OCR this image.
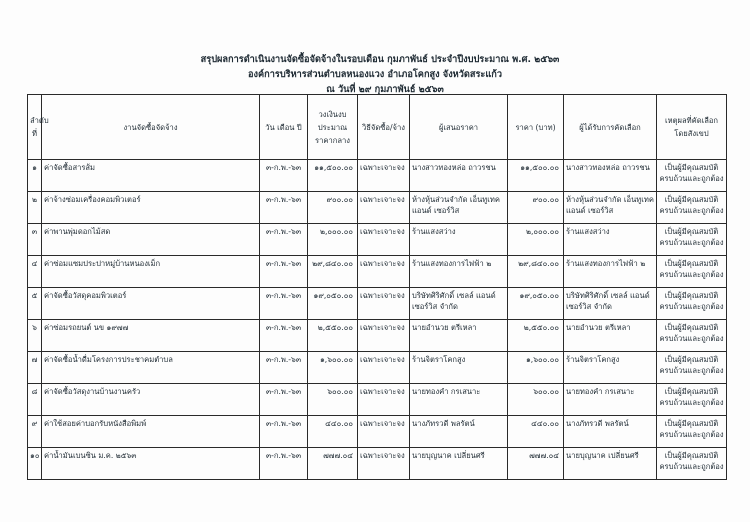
สรุปผลการดำเนินงานจัดซื้อจัดจ้างในรอบเดือน กุมภาพันธ์ ประจำปีงบประมาณ พ.ศ. ๒๕๖๓
องค์การบริหารส่วนตำบลหนองแวง อำเภอโคกสูง จังหวัดสระแก้ว
ณ วันที่ ๒๙ กุมภาพันธ์ ๒๕๖๓
ลำดับที่	งานจัดซื้อจัดจ้าง	วัน เดือน ปี	วงเงินงบประมาณราคากลาง	วิธีจัดซื้อ/จ้าง	ผู้เสนอราคา	ราคา (บาท)	ผู้ได้รับการคัดเลือก	เหตุผลที่คัดเลือกโดยสังเขป
๑	ค่าจัดซื้อสารส้ม	๓-ก.พ.-๖๓	๑๑,๕๐๐.๐๐	เฉพาะเจาะจง	นางสาวทองหล่อ ถาวรชน	๑๑,๕๐๐.๐๐	นางสาวทองหล่อ ถาวรชน	เป็นผู้มีคุณสมบัติครบถ้วนและถูกต้อง
๒	ค่าจ้างซ่อมเครื่องคอมพิวเตอร์	๓-ก.พ.-๖๓	๙๐๐.๐๐	เฉพาะเจาะจง	ห้างหุ้นส่วนจำกัด เอ็นทูเทค แอนด์ เซอร์วิส	๙๐๐.๐๐	ห้างหุ้นส่วนจำกัด เอ็นทูเทค แอนด์ เซอร์วิส	เป็นผู้มีคุณสมบัติครบถ้วนและถูกต้อง
๓	ค่าพานพุ่มดอกไม้สด	๓-ก.พ.-๖๓	๒,๐๐๐.๐๐	เฉพาะเจาะจง	ร้านแสงสว่าง	๒,๐๐๐.๐๐	ร้านแสงสว่าง	เป็นผู้มีคุณสมบัติครบถ้วนและถูกต้อง
๔	ค่าซ่อมแซมประปาหมู่บ้านหนองเม็ก	๓-ก.พ.-๖๓	๒๙,๘๔๐.๐๐	เฉพาะเจาะจง	ร้านแสงทองการไฟฟ้า ๒	๒๙,๘๔๐.๐๐	ร้านแสงทองการไฟฟ้า ๒	เป็นผู้มีคุณสมบัติครบถ้วนและถูกต้อง
๕	ค่าจัดซื้อวัสดุคอมพิวเตอร์	๓-ก.พ.-๖๓	๑๙,๐๕๐.๐๐	เฉพาะเจาะจง	บริษัทศิริศักดิ์ เซลล์ แอนด์ เซอร์วิส จำกัด	๑๙,๐๕๐.๐๐	บริษัทศิริศักดิ์ เซลล์ แอนด์ เซอร์วิส จำกัด	เป็นผู้มีคุณสมบัติครบถ้วนและถูกต้อง
๖	ค่าซ่อมรถยนต์ นข ๑๙๗๗	๓-ก.พ.-๖๓	๒,๕๕๐.๐๐	เฉพาะเจาะจง	นายอำนวย ตรีเหลา	๒,๕๕๐.๐๐	นายอำนวย ตรีเหลา	เป็นผู้มีคุณสมบัติครบถ้วนและถูกต้อง
๗	ค่าจัดซื้อน้ำดื่มโครงการประชาคมตำบล	๓-ก.พ.-๖๓	๑,๖๐๐.๐๐	เฉพาะเจาะจง	ร้านจิตราโคกสูง	๑,๖๐๐.๐๐	ร้านจิตราโคกสูง	เป็นผู้มีคุณสมบัติครบถ้วนและถูกต้อง
๘	ค่าจัดซื้อวัสดุงานบ้านงานครัว	๓-ก.พ.-๖๓	๖๐๐.๐๐	เฉพาะเจาะจง	นายทองคำ กรเสนาะ	๖๐๐.๐๐	นายทองคำ กรเสนาะ	เป็นผู้มีคุณสมบัติครบถ้วนและถูกต้อง
๙	ค่าใช้สอยค่าบอกรับหนังสือพิมพ์	๓-ก.พ.-๖๓	๔๔๐.๐๐	เฉพาะเจาะจง	นางภัทรวดี พลรัตน์	๔๔๐.๐๐	นางภัทรวดี พลรัตน์	เป็นผู้มีคุณสมบัติครบถ้วนและถูกต้อง
๑๐	ค่าน้ำมันเบนซิน ม.ค. ๒๕๖๓	๓-ก.พ.-๖๓	๗๗๗.๐๔	เฉพาะเจาะจง	นายบุญนาค เปลี่ยนศรี	๗๗๗.๐๔	นายบุญนาค เปลี่ยนศรี	เป็นผู้มีคุณสมบัติครบถ้วนและถูกต้อง
